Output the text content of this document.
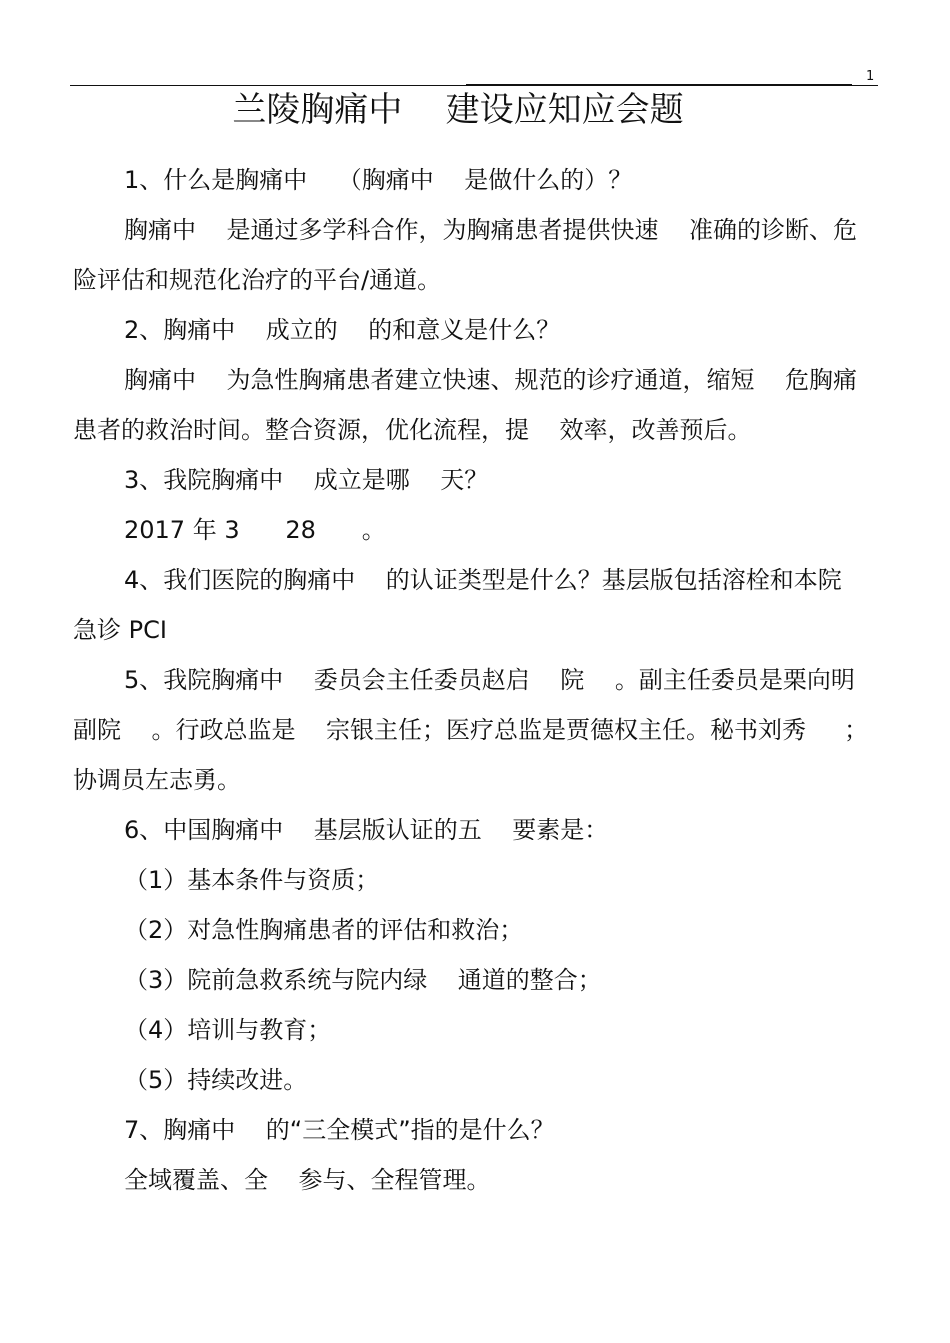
1
兰陵胸痛中    建设应知应会题
1、什么是胸痛中    （胸痛中    是做什么的）？
胸痛中    是通过多学科合作，为胸痛患者提供快速    准确的诊断、危
险评估和规范化治疗的平台/通道。
2、胸痛中    成立的    的和意义是什么？
胸痛中    为急性胸痛患者建立快速、规范的诊疗通道，缩短    危胸痛
患者的救治时间。整合资源，优化流程，提    效率，改善预后。
3、我院胸痛中    成立是哪    天？
2017 年 3      28      。
4、我们医院的胸痛中    的认证类型是什么？基层版包括溶栓和本院
急诊 PCI
5、我院胸痛中    委员会主任委员赵启    院    。副主任委员是栗向明
副院    。行政总监是    宗银主任；医疗总监是贾德权主任。秘书刘秀     ；
协调员左志勇。
6、中国胸痛中    基层版认证的五    要素是：
（1）基本条件与资质；
（2）对急性胸痛患者的评估和救治；
（3）院前急救系统与院内绿    通道的整合；
（4）培训与教育；
（5）持续改进。
7、胸痛中    的“三全模式”指的是什么？
全域覆盖、全    参与、全程管理。
